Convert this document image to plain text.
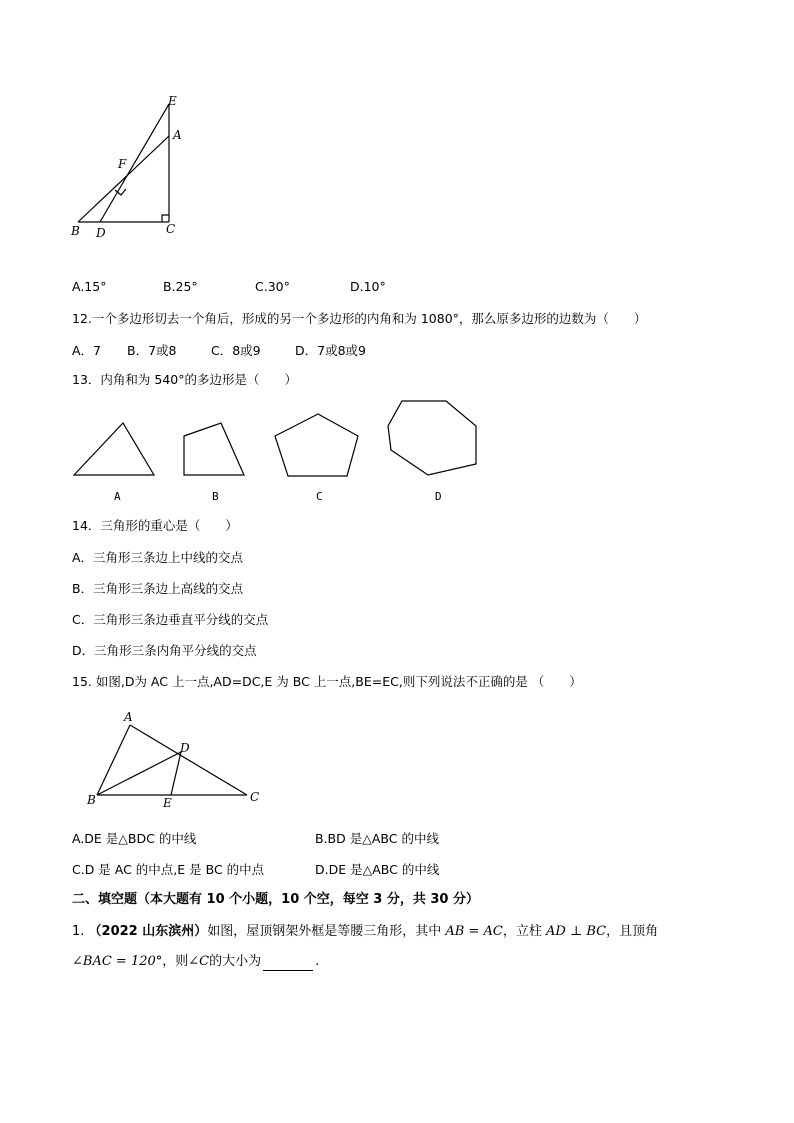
E
A
F
B D	C
A.15°	B.25°	C.30°	D.10°
12.一个多边形切去一个角后，形成的另一个多边形的内角和为 1080°，那么原多边形的边数为（　　）
A．7 B．7或8	C．8或9	D．7或8或9
13．内角和为 540°的多边形是（　　）
A	B	C	D
14．三角形的重心是（　　）
A．三角形三条边上中线的交点
B．三角形三条边上高线的交点
C．三角形三条边垂直平分线的交点
D．三角形三条内角平分线的交点
15. 如图,D为 AC 上一点,AD=DC,E 为 BC 上一点,BE=EC,则下列说法不正确的是 （　　）
A
D
B	E	C
A.DE 是△BDC 的中线	B.BD 是△ABC 的中线
C.D 是 AC 的中点,E 是 BC 的中点	D.DE 是△ABC 的中线
二、填空题（本大题有 10 个小题，10 个空，每空 3 分，共 30 分）
1. （2022 山东滨州）如图，屋顶钢架外框是等腰三角形，其中 AB = AC，立柱 AD ⊥ BC，且顶角
∠BAC = 120°，则∠C的大小为	.
